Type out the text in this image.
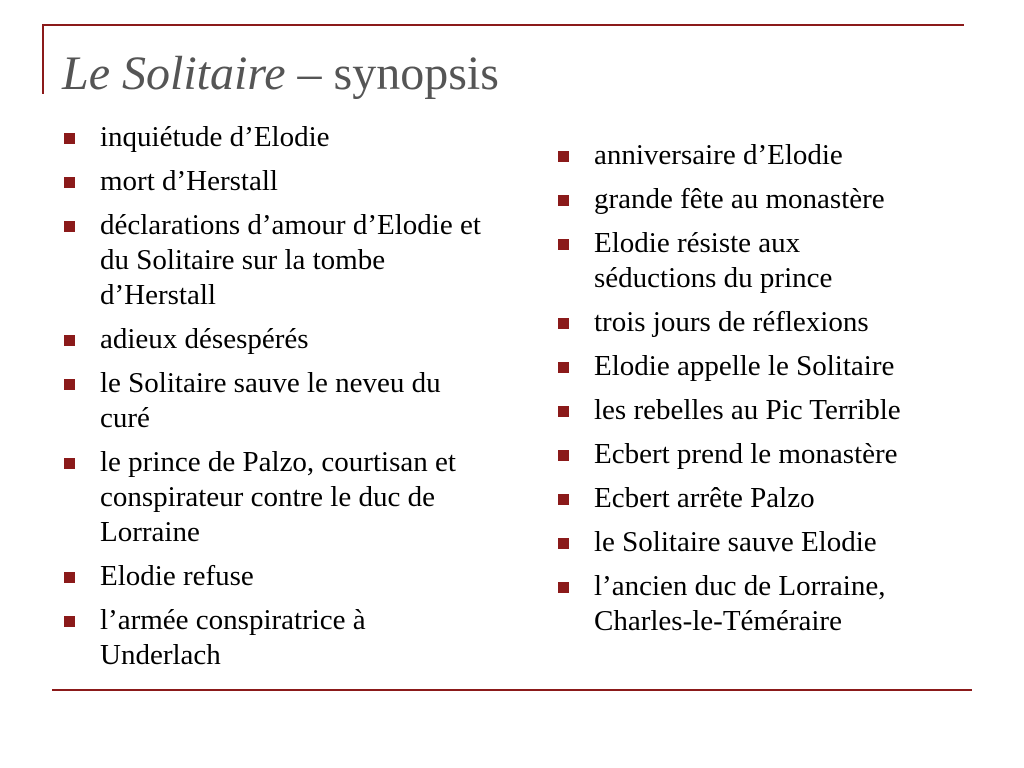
Le Solitaire – synopsis
inquiétude d’Elodie
mort d’Herstall
déclarations d’amour d’Elodie et du Solitaire sur la tombe d’Herstall
adieux désespérés
le Solitaire sauve le neveu du curé
le prince de Palzo, courtisan et conspirateur contre le duc de Lorraine
Elodie refuse
l’armée conspiratrice à Underlach
anniversaire d’Elodie
grande fête au monastère
Elodie résiste aux séductions du prince
trois jours de réflexions
Elodie appelle le Solitaire
les rebelles au Pic Terrible
Ecbert prend le monastère
Ecbert arrête Palzo
le Solitaire sauve Elodie
l’ancien duc de Lorraine, Charles-le-Téméraire
